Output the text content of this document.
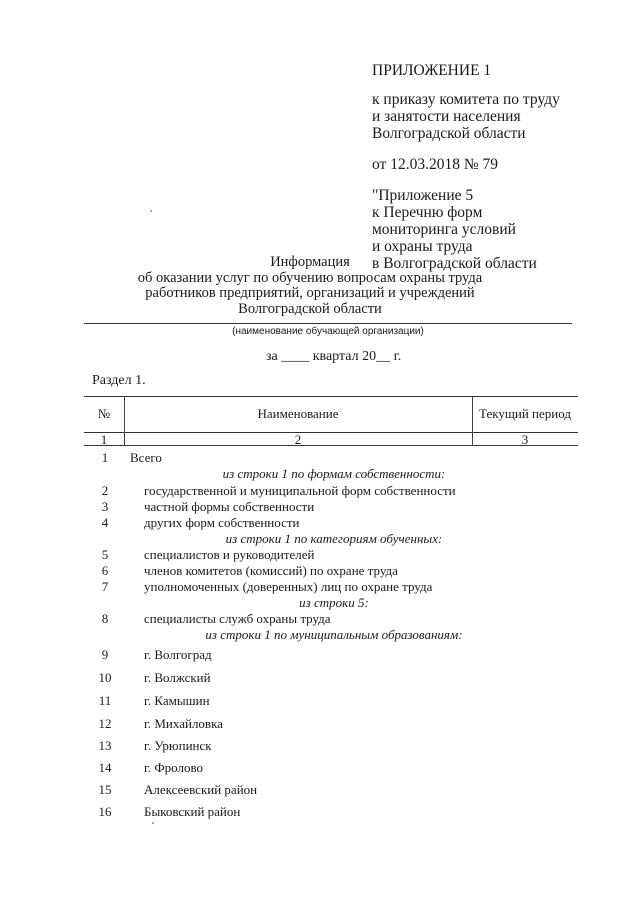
ПРИЛОЖЕНИЕ 1
к приказу комитета по труду
и занятости населения
Волгоградской области
от 12.03.2018 № 79
"Приложение 5
к Перечню форм
мониторинга условий
и охраны труда
в Волгоградской области
Информация
об оказании услуг по обучению вопросам охраны труда
работников предприятий, организаций и учреждений
Волгоградской области
(наименование обучающей организации)
за ____ квартал 20__ г.
Раздел 1.
№	Наименование	Текущий период
1	2	3
1	Всего
из строки 1 по формам собственности:
2	государственной и муниципальной форм собственности
3	частной формы собственности
4	других форм собственности
из строки 1 по категориям обученных:
5	специалистов и руководителей
6	членов комитетов (комиссий) по охране труда
7	уполномоченных (доверенных) лиц по охране труда
из строки 5:
8	специалисты служб охраны труда
из строки 1 по муниципальным образованиям:
9	г. Волгоград
10	г. Волжский
11	г. Камышин
12	г. Михайловка
13	г. Урюпинск
14	г. Фролово
15	Алексеевский район
16	Быковский район
